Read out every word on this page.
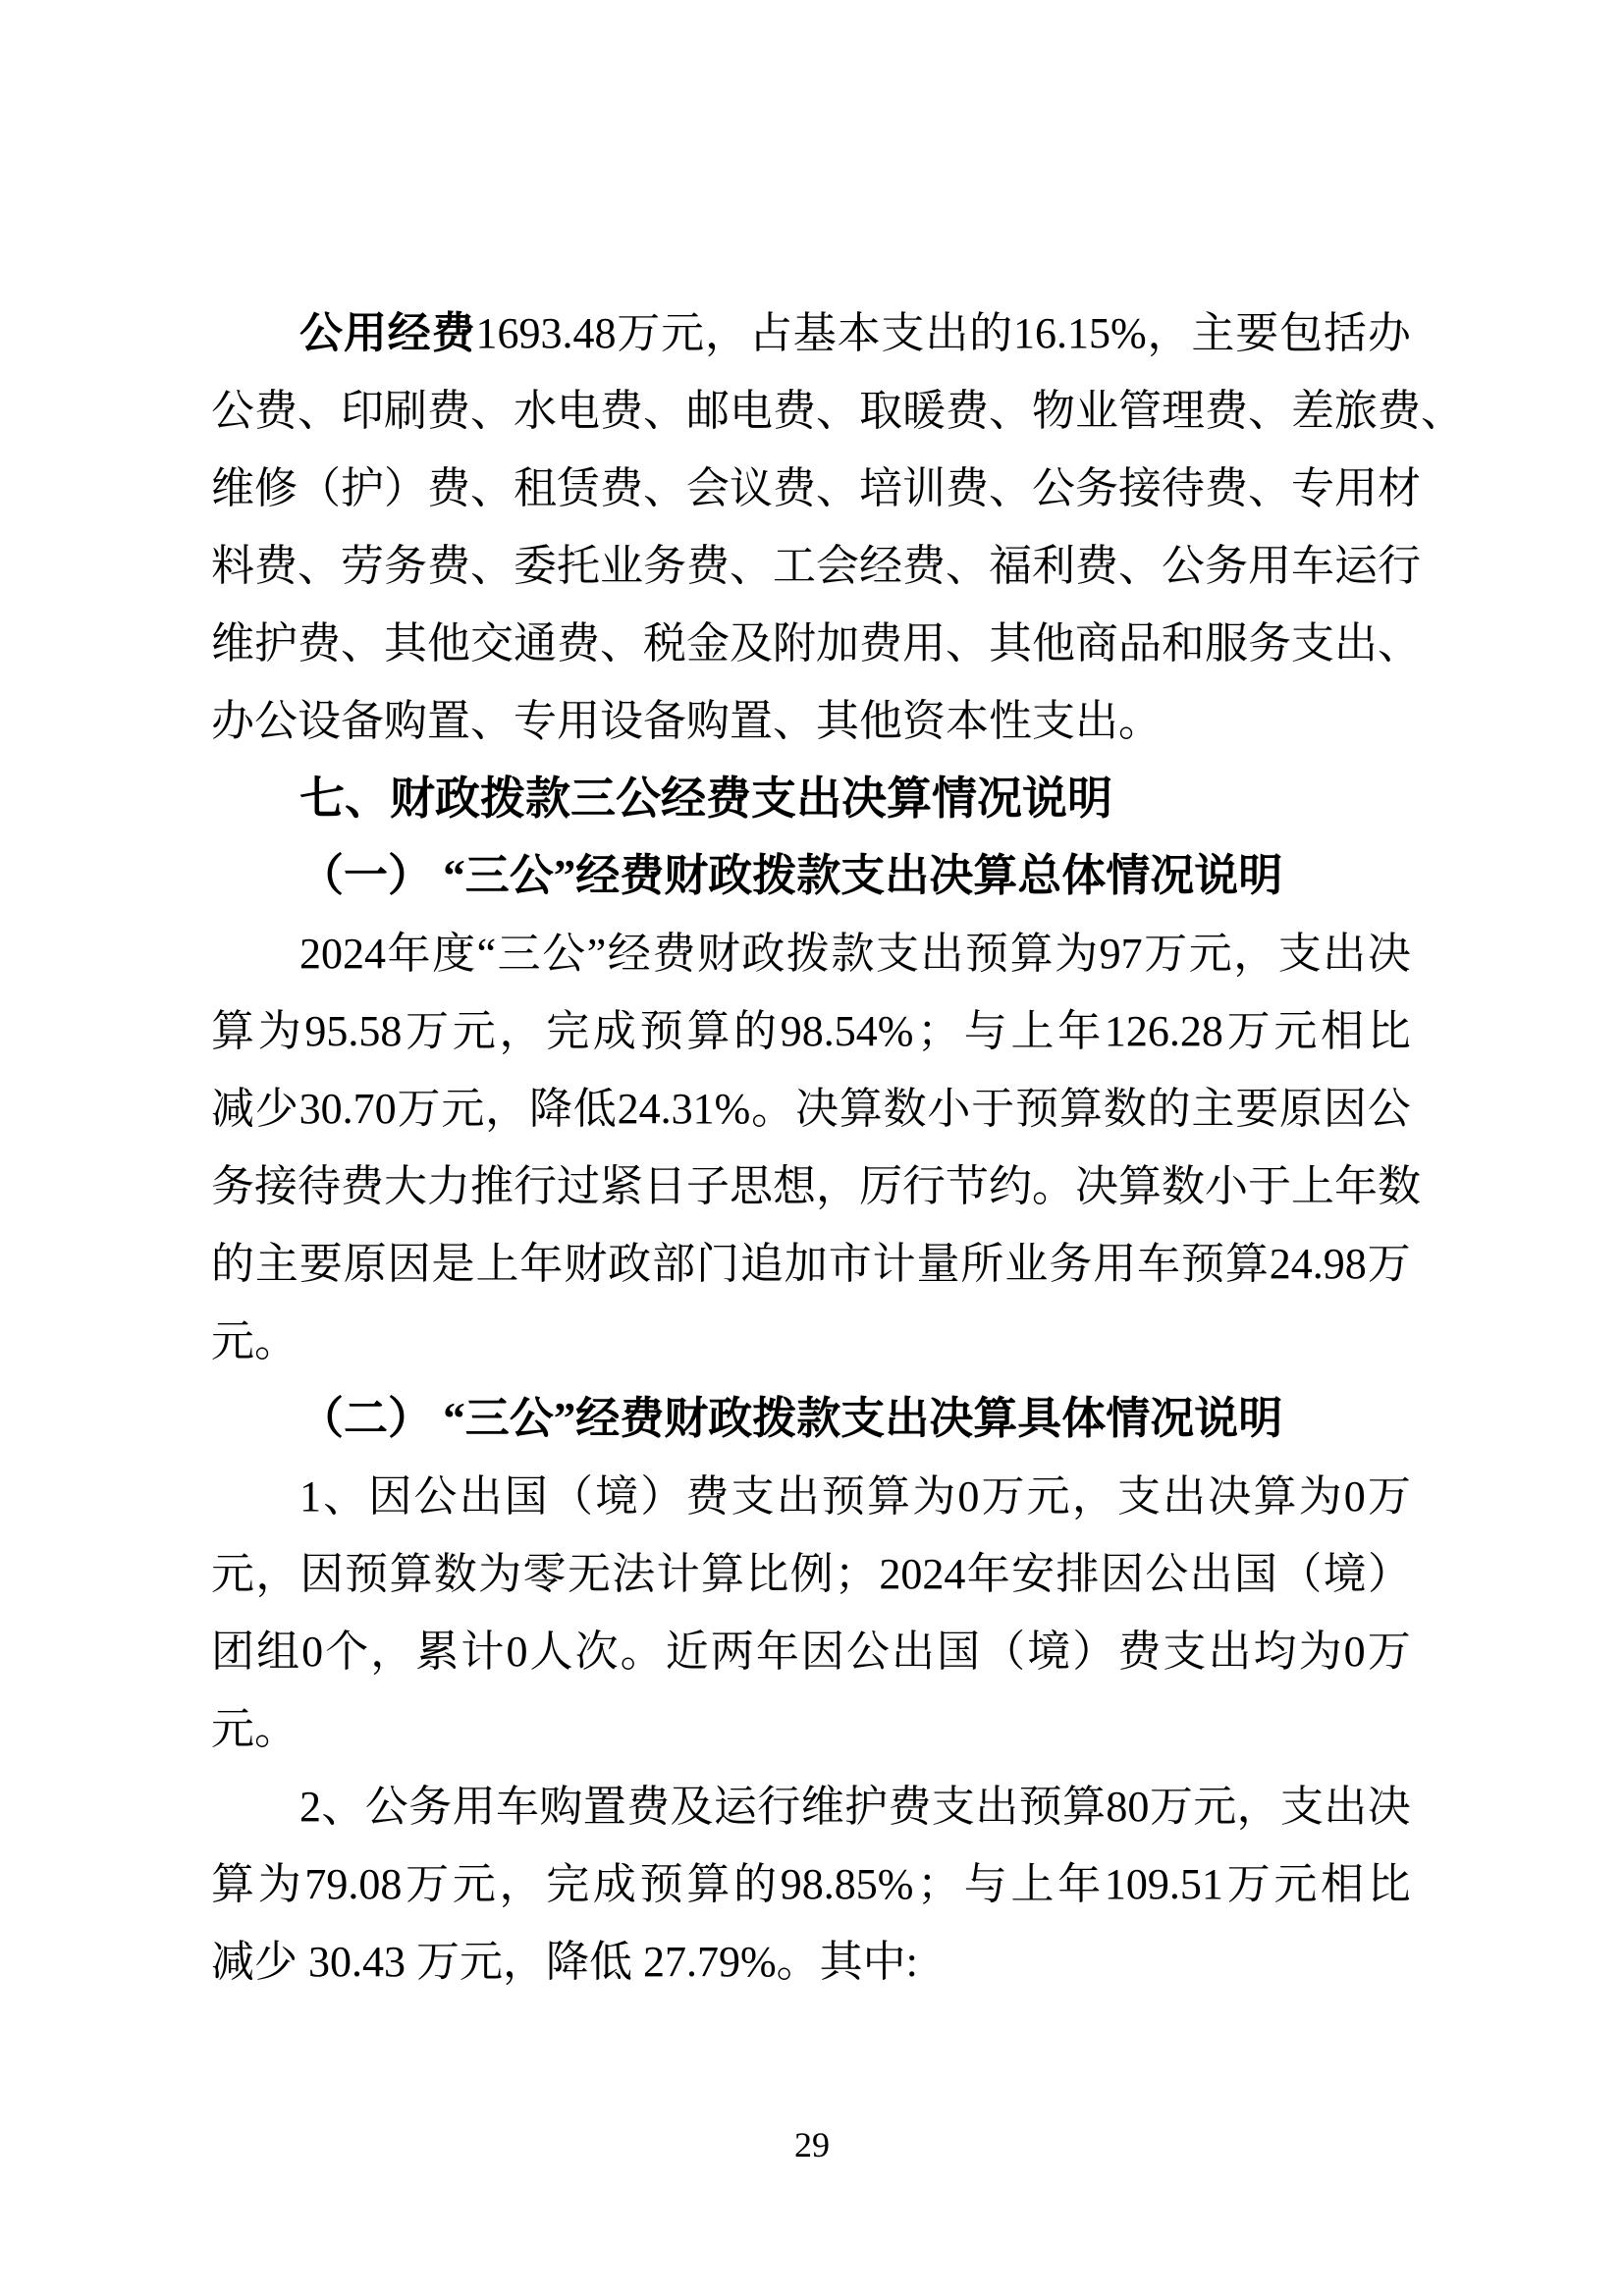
公 用 经 费 1693.48 万 元 ， 占 基 本 支 出 的 16.15% ， 主 要 包 括 办
公 费 、 印 刷 费 、 水 电 费 、 邮 电 费 、 取 暖 费 、 物 业 管 理 费 、 差 旅 费 、
维 修 （ 护 ） 费 、 租 赁 费 、 会 议 费 、 培 训 费 、 公 务 接 待 费 、 专 用 材
料 费 、 劳 务 费 、 委 托 业 务 费 、 工 会 经 费 、 福 利 费 、 公 务 用 车 运 行
维 护 费 、 其 他 交 通 费 、 税 金 及 附 加 费 用 、 其 他 商 品 和 服 务 支 出 、
办公设备购置、专用设备购置、其他资本性支出。
七、财政拨款三公经费支出决算情况说明
（一） “三公”经费财政拨款支出决算总体情况说明
2024 年 度 “ 三 公 ” 经 费 财 政 拨 款 支 出 预 算 为 97 万 元 ， 支 出 决
算 为 95.58 万 元 ， 完 成 预 算 的 98.54% ； 与 上 年 126.28 万 元 相 比
减 少 30.70 万 元 ， 降 低 24.31% 。 决 算 数 小 于 预 算 数 的 主 要 原 因 公
务 接 待 费 大 力 推 行 过 紧 日 子 思 想 ， 厉 行 节 约 。 决 算 数 小 于 上 年 数
的 主 要 原 因 是 上 年 财 政 部 门 追 加 市 计 量 所 业 务 用 车 预 算 24.98 万
元。
（二） “三公”经费财政拨款支出决算具体情况说明
1 、 因 公 出 国 （ 境 ） 费 支 出 预 算 为 0 万 元 ， 支 出 决 算 为 0 万
元 ， 因 预 算 数 为 零 无 法 计 算 比 例 ； 2024 年 安 排 因 公 出 国 （ 境 ）
团 组 0 个 ， 累 计 0 人 次 。 近 两 年 因 公 出 国 （ 境 ） 费 支 出 均 为 0 万
元。
2 、 公 务 用 车 购 置 费 及 运 行 维 护 费 支 出 预 算 80 万 元 ， 支 出 决
算 为 79.08 万 元 ， 完 成 预 算 的 98.85% ； 与 上 年 109.51 万 元 相 比
减少 30.43 万元，降低 27.79%。其中:
29
